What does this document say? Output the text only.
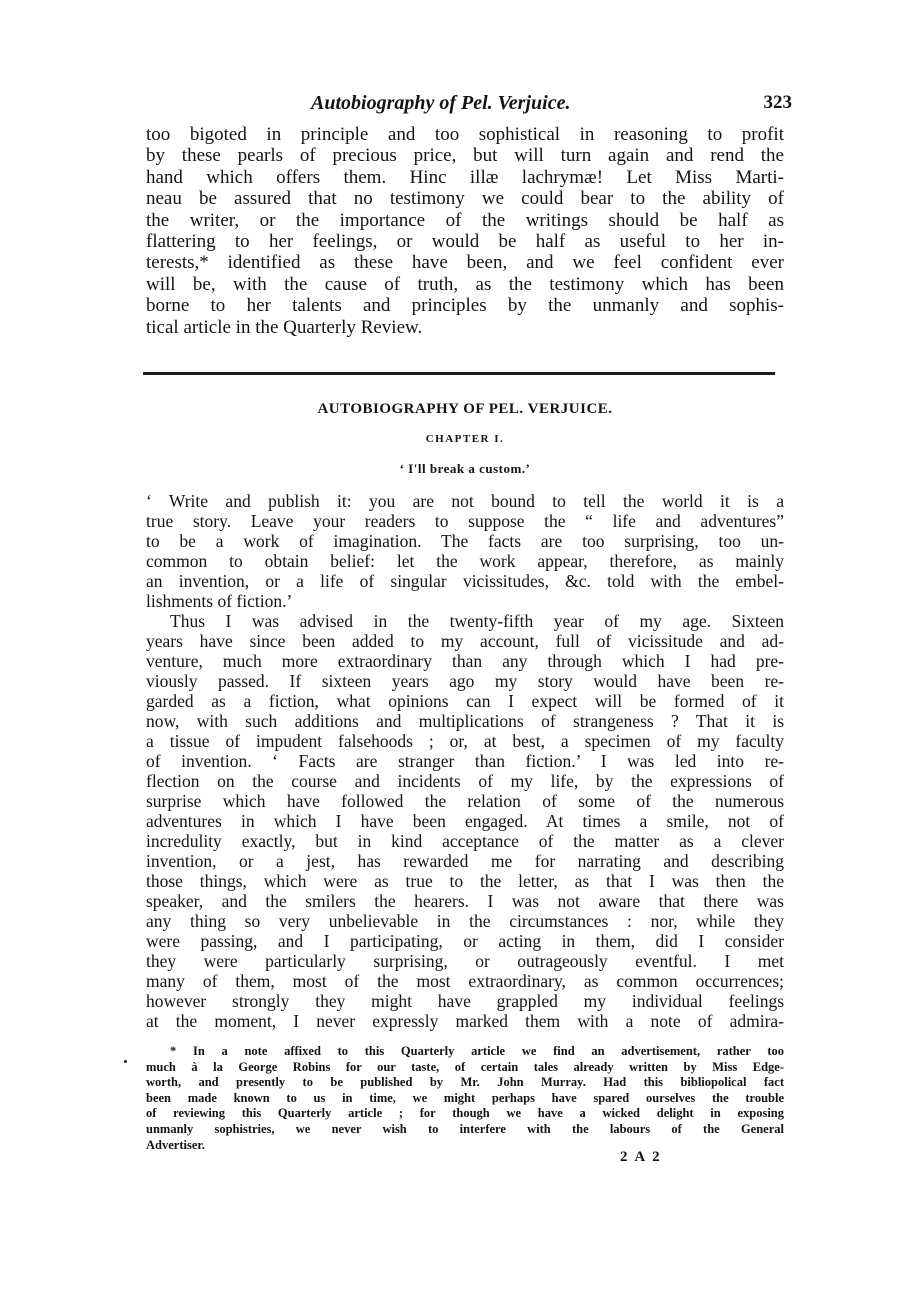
Autobiography of Pel. Verjuice.	323
too bigoted in principle and too sophistical in reasoning to profit
by these pearls of precious price, but will turn again and rend the
hand which offers them. Hinc illæ lachrymæ! Let Miss Marti-
neau be assured that no testimony we could bear to the ability of
the writer, or the importance of the writings should be half as
flattering to her feelings, or would be half as useful to her in-
terests,* identified as these have been, and we feel confident ever
will be, with the cause of truth, as the testimony which has been
borne to her talents and principles by the unmanly and sophis-
tical article in the Quarterly Review.
AUTOBIOGRAPHY OF PEL. VERJUICE.
CHAPTER I.
‘ I'll break a custom.’
‘ Write and publish it: you are not bound to tell the world it is a
true story. Leave your readers to suppose the “ life and adventures”
to be a work of imagination. The facts are too surprising, too un-
common to obtain belief: let the work appear, therefore, as mainly
an invention, or a life of singular vicissitudes, &c. told with the embel-
lishments of fiction.’
Thus I was advised in the twenty-fifth year of my age. Sixteen
years have since been added to my account, full of vicissitude and ad-
venture, much more extraordinary than any through which I had pre-
viously passed. If sixteen years ago my story would have been re-
garded as a fiction, what opinions can I expect will be formed of it
now, with such additions and multiplications of strangeness ? That it is
a tissue of impudent falsehoods ; or, at best, a specimen of my faculty
of invention. ‘ Facts are stranger than fiction.’ I was led into re-
flection on the course and incidents of my life, by the expressions of
surprise which have followed the relation of some of the numerous
adventures in which I have been engaged. At times a smile, not of
incredulity exactly, but in kind acceptance of the matter as a clever
invention, or a jest, has rewarded me for narrating and describing
those things, which were as true to the letter, as that I was then the
speaker, and the smilers the hearers. I was not aware that there was
any thing so very unbelievable in the circumstances : nor, while they
were passing, and I participating, or acting in them, did I consider
they were particularly surprising, or outrageously eventful. I met
many of them, most of the most extraordinary, as common occurrences;
however strongly they might have grappled my individual feelings
at the moment, I never expressly marked them with a note of admira-
* In a note affixed to this Quarterly article we find an advertisement, rather too
much à la George Robins for our taste, of certain tales already written by Miss Edge-
worth, and presently to be published by Mr. John Murray. Had this bibliopolical fact
been made known to us in time, we might perhaps have spared ourselves the trouble
of reviewing this Quarterly article ; for though we have a wicked delight in exposing
unmanly sophistries, we never wish to interfere with the labours of the General
Advertiser.
2 A 2
